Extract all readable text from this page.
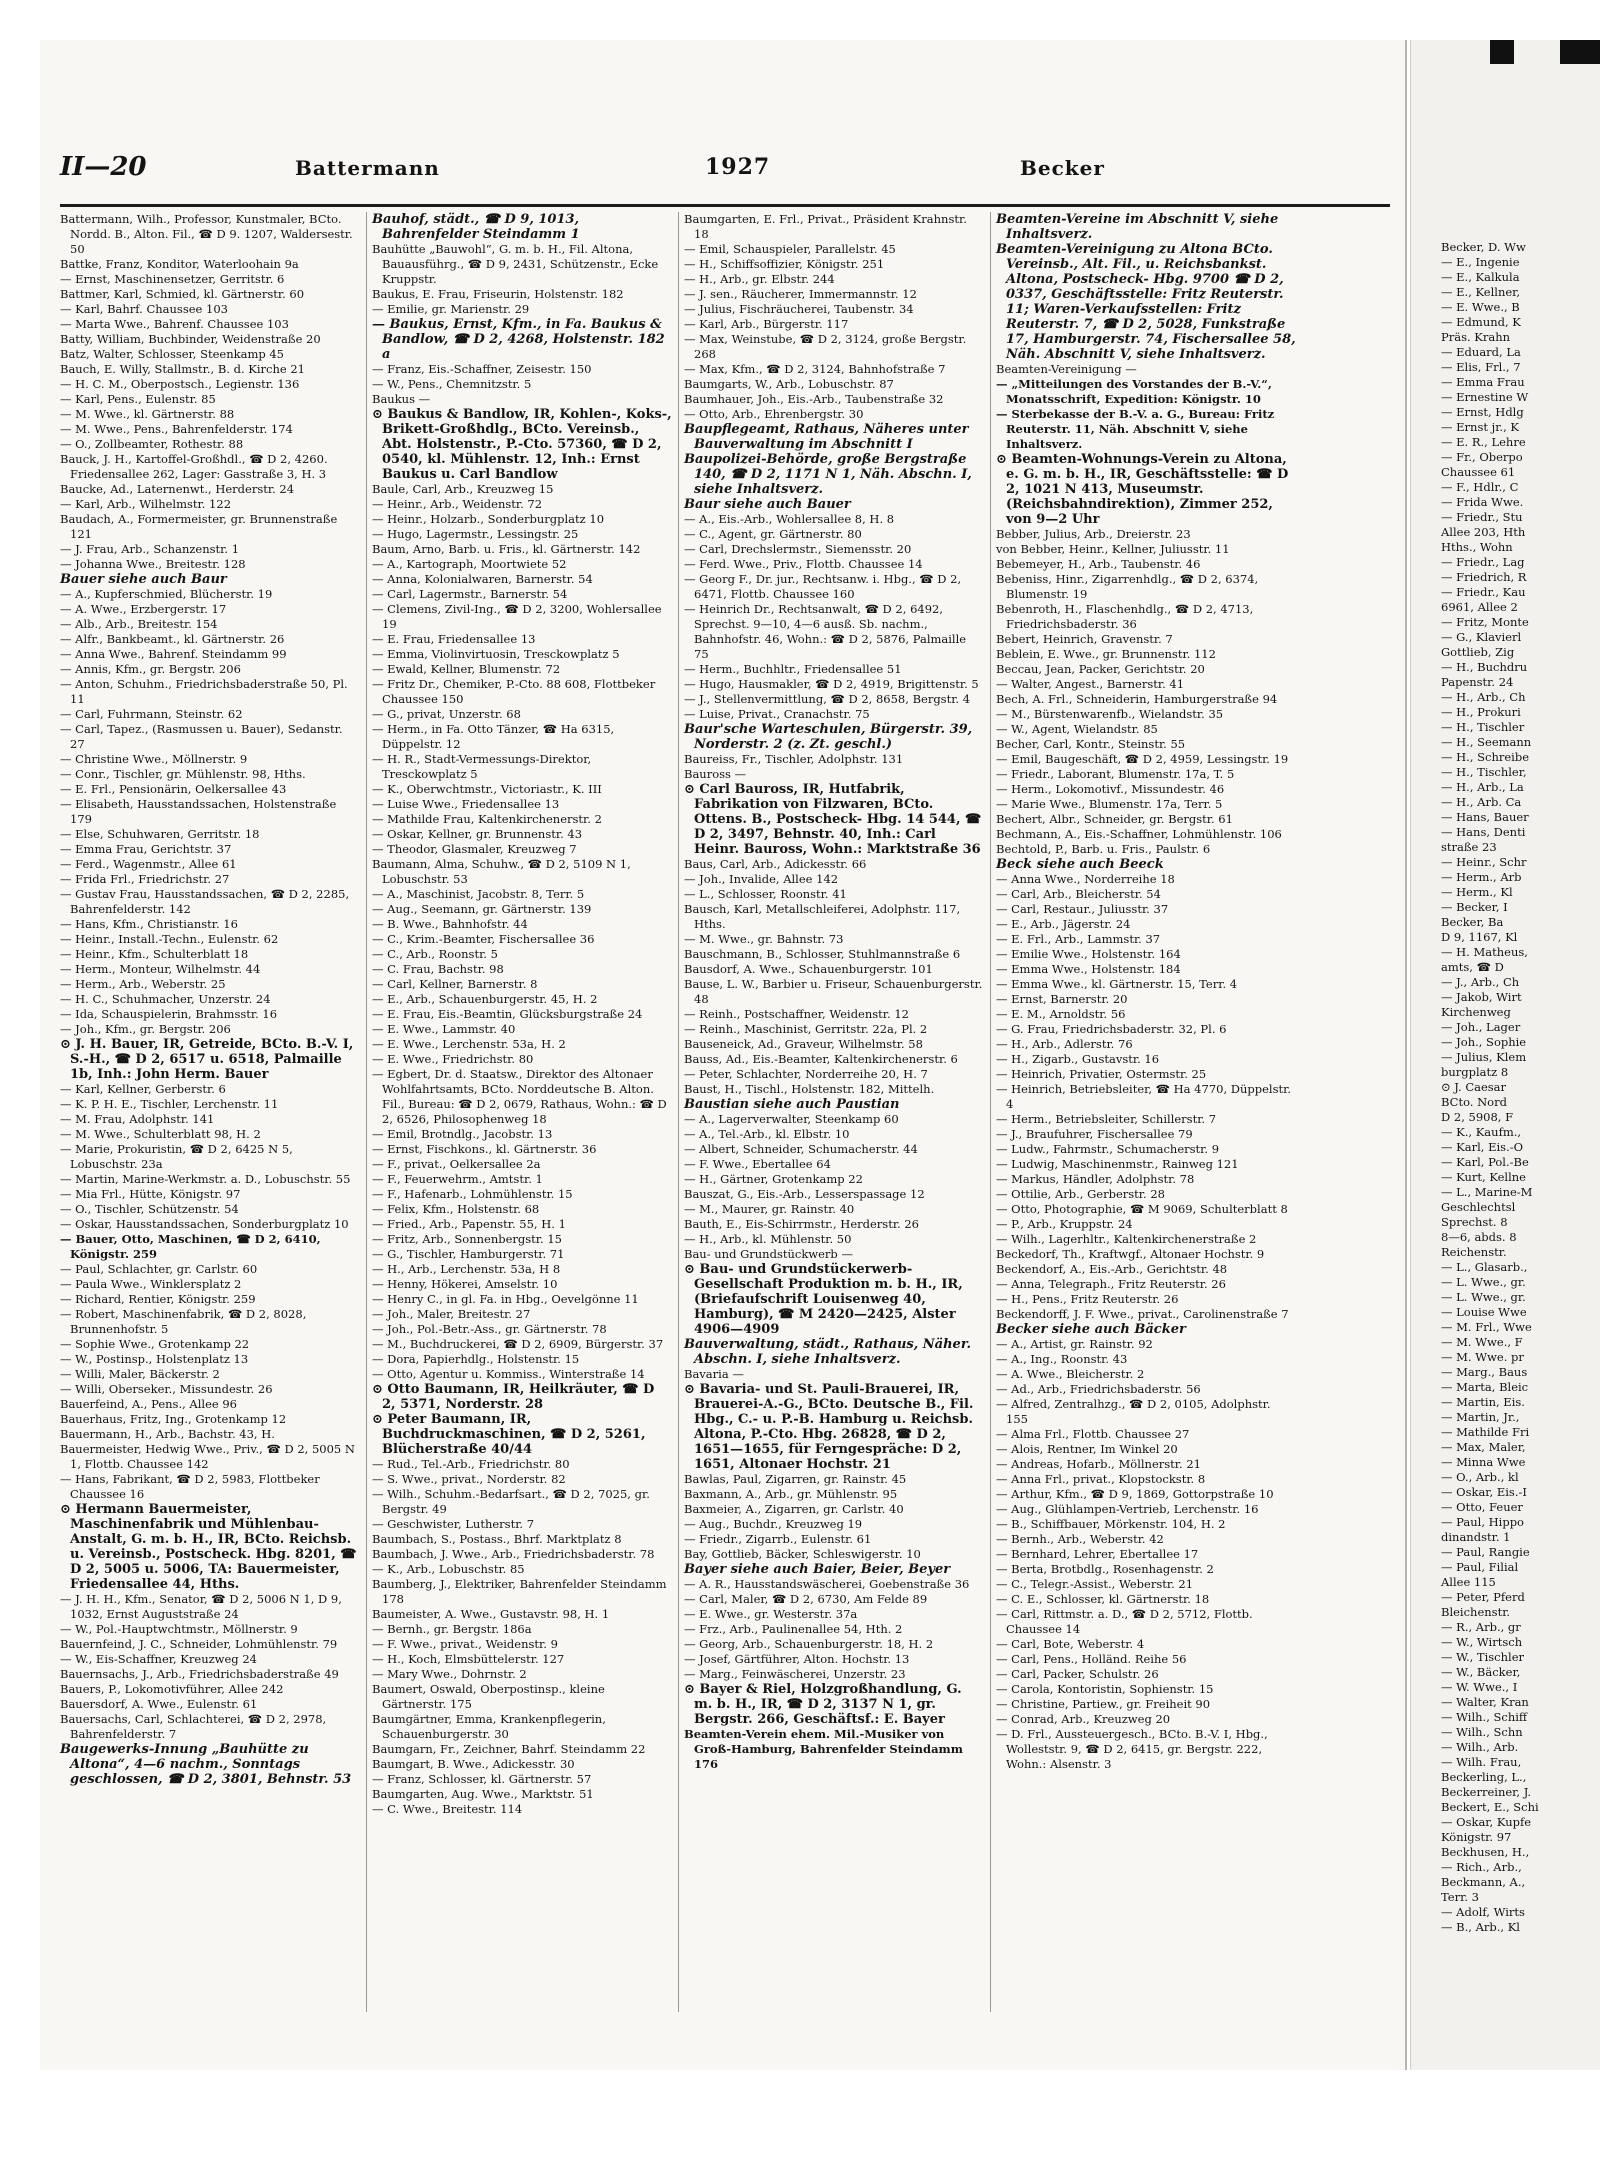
II—20	Battermann	1927	Becker

Battermann, Wilh., Professor, Kunstmaler, BCto. Nordd. B., Alton. Fil., ☎ D 9. 1207, Waldersestr. 50

Battke, Franz, Konditor, Waterloohain 9a

— Ernst, Maschinensetzer, Gerritstr. 6

Battmer, Karl, Schmied, kl. Gärtnerstr. 60

— Karl, Bahrf. Chaussee 103

— Marta Wwe., Bahrenf. Chaussee 103

Batty, William, Buchbinder, Weidenstraße 20

Batz, Walter, Schlosser, Steenkamp 45

Bauch, E. Willy, Stallmstr., B. d. Kirche 21

— H. C. M., Oberpostsch., Legienstr. 136

— Karl, Pens., Eulenstr. 85

— M. Wwe., kl. Gärtnerstr. 88

— M. Wwe., Pens., Bahrenfelderstr. 174

— O., Zollbeamter, Rothestr. 88

Bauck, J. H., Kartoffel-Großhdl., ☎ D 2, 4260. Friedensallee 262, Lager: Gasstraße 3, H. 3

Baucke, Ad., Laternenwt., Herderstr. 24

— Karl, Arb., Wilhelmstr. 122

Baudach, A., Formermeister, gr. Brunnenstraße 121

— J. Frau, Arb., Schanzenstr. 1

— Johanna Wwe., Breitestr. 128

Bauer siehe auch Baur

— A., Kupferschmied, Blücherstr. 19

— A. Wwe., Erzbergerstr. 17

— Alb., Arb., Breitestr. 154

— Alfr., Bankbeamt., kl. Gärtnerstr. 26

— Anna Wwe., Bahrenf. Steindamm 99

— Annis, Kfm., gr. Bergstr. 206

— Anton, Schuhm., Friedrichsbaderstraße 50, Pl. 11

— Carl, Fuhrmann, Steinstr. 62

— Carl, Tapez., (Rasmussen u. Bauer), Sedanstr. 27

— Christine Wwe., Möllnerstr. 9

— Conr., Tischler, gr. Mühlenstr. 98, Hths.

— E. Frl., Pensionärin, Oelkersallee 43

— Elisabeth, Hausstandssachen, Holstenstraße 179

— Else, Schuhwaren, Gerritstr. 18

— Emma Frau, Gerichtstr. 37

— Ferd., Wagenmstr., Allee 61

— Frida Frl., Friedrichstr. 27

— Gustav Frau, Hausstandssachen, ☎ D 2, 2285, Bahrenfelderstr. 142

— Hans, Kfm., Christianstr. 16

— Heinr., Install.-Techn., Eulenstr. 62

— Heinr., Kfm., Schulterblatt 18

— Herm., Monteur, Wilhelmstr. 44

— Herm., Arb., Weberstr. 25

— H. C., Schuhmacher, Unzerstr. 24

— Ida, Schauspielerin, Brahmsstr. 16

— Joh., Kfm., gr. Bergstr. 206

⊙ J. H. Bauer, IR, Getreide, BCto. B.-V. I, S.-H., ☎ D 2, 6517 u. 6518, Palmaille 1b, Inh.: John Herm. Bauer

— Karl, Kellner, Gerberstr. 6

— K. P. H. E., Tischler, Lerchenstr. 11

— M. Frau, Adolphstr. 141

— M. Wwe., Schulterblatt 98, H. 2

— Marie, Prokuristin, ☎ D 2, 6425 N 5, Lobuschstr. 23a

— Martin, Marine-Werkmstr. a. D., Lobuschstr. 55

— Mia Frl., Hütte, Königstr. 97

— O., Tischler, Schützenstr. 54

— Oskar, Hausstandssachen, Sonderburgplatz 10

— Bauer, Otto, Maschinen, ☎ D 2, 6410, Königstr. 259

— Paul, Schlachter, gr. Carlstr. 60

— Paula Wwe., Winklersplatz 2

— Richard, Rentier, Königstr. 259

— Robert, Maschinenfabrik, ☎ D 2, 8028, Brunnenhofstr. 5

— Sophie Wwe., Grotenkamp 22

— W., Postinsp., Holstenplatz 13

— Willi, Maler, Bäckerstr. 2

— Willi, Oberseker., Missundestr. 26

Bauerfeind, A., Pens., Allee 96

Bauerhaus, Fritz, Ing., Grotenkamp 12

Bauermann, H., Arb., Bachstr. 43, H.

Bauermeister, Hedwig Wwe., Priv., ☎ D 2, 5005 N 1, Flottb. Chaussee 142

— Hans, Fabrikant, ☎ D 2, 5983, Flottbeker Chaussee 16

⊙ Hermann Bauermeister, Maschinenfabrik und Mühlenbau-Anstalt, G. m. b. H., IR, BCto. Reichsb. u. Vereinsb., Postscheck. Hbg. 8201, ☎ D 2, 5005 u. 5006, TA: Bauermeister, Friedensallee 44, Hths.

— J. H. H., Kfm., Senator, ☎ D 2, 5006 N 1, D 9, 1032, Ernst Auguststraße 24

— W., Pol.-Hauptwchtmstr., Möllnerstr. 9

Bauernfeind, J. C., Schneider, Lohmühlenstr. 79

— W., Eis-Schaffner, Kreuzweg 24

Bauernsachs, J., Arb., Friedrichsbaderstraße 49

Bauers, P., Lokomotivführer, Allee 242

Bauersdorf, A. Wwe., Eulenstr. 61

Bauersachs, Carl, Schlachterei, ☎ D 2, 2978, Bahrenfelderstr. 7

Baugewerks-Innung „Bauhütte zu Altona“, 4—6 nachm., Sonntags geschlossen, ☎ D 2, 3801, Behnstr. 53

Bauhof, städt., ☎ D 9, 1013, Bahrenfelder Steindamm 1

Bauhütte „Bauwohl“, G. m. b. H., Fil. Altona, Bauausführg., ☎ D 9, 2431, Schützenstr., Ecke Kruppstr.

Baukus, E. Frau, Friseurin, Holstenstr. 182

— Emilie, gr. Marienstr. 29

— Baukus, Ernst, Kfm., in Fa. Baukus & Bandlow, ☎ D 2, 4268, Holstenstr. 182 a

— Franz, Eis.-Schaffner, Zeisestr. 150

— W., Pens., Chemnitzstr. 5

Baukus —

⊙ Baukus & Bandlow, IR, Kohlen-, Koks-, Brikett-Großhdlg., BCto. Vereinsb., Abt. Holstenstr., P.-Cto. 57360, ☎ D 2, 0540, kl. Mühlenstr. 12, Inh.: Ernst Baukus u. Carl Bandlow

Baule, Carl, Arb., Kreuzweg 15

— Heinr., Arb., Weidenstr. 72

— Heinr., Holzarb., Sonderburgplatz 10

— Hugo, Lagermstr., Lessingstr. 25

Baum, Arno, Barb. u. Fris., kl. Gärtnerstr. 142

— A., Kartograph, Moortwiete 52

— Anna, Kolonialwaren, Barnerstr. 54

— Carl, Lagermstr., Barnerstr. 54

— Clemens, Zivil-Ing., ☎ D 2, 3200, Wohlersallee 19

— E. Frau, Friedensallee 13

— Emma, Violinvirtuosin, Tresckowplatz 5

— Ewald, Kellner, Blumenstr. 72

— Fritz Dr., Chemiker, P.-Cto. 88 608, Flottbeker Chaussee 150

— G., privat, Unzerstr. 68

— Herm., in Fa. Otto Tänzer, ☎ Ha 6315, Düppelstr. 12

— H. R., Stadt-Vermessungs-Direktor, Tresckowplatz 5

— K., Oberwchtmstr., Victoriastr., K. III

— Luise Wwe., Friedensallee 13

— Mathilde Frau, Kaltenkirchenerstr. 2

— Oskar, Kellner, gr. Brunnenstr. 43

— Theodor, Glasmaler, Kreuzweg 7

Baumann, Alma, Schuhw., ☎ D 2, 5109 N 1, Lobuschstr. 53

— A., Maschinist, Jacobstr. 8, Terr. 5

— Aug., Seemann, gr. Gärtnerstr. 139

— B. Wwe., Bahnhofstr. 44

— C., Krim.-Beamter, Fischersallee 36

— C., Arb., Roonstr. 5

— C. Frau, Bachstr. 98

— Carl, Kellner, Barnerstr. 8

— E., Arb., Schauenburgerstr. 45, H. 2

— E. Frau, Eis.-Beamtin, Glücksburgstraße 24

— E. Wwe., Lammstr. 40

— E. Wwe., Lerchenstr. 53a, H. 2

— E. Wwe., Friedrichstr. 80

— Egbert, Dr. d. Staatsw., Direktor des Altonaer Wohlfahrtsamts, BCto. Norddeutsche B. Alton. Fil., Bureau: ☎ D 2, 0679, Rathaus, Wohn.: ☎ D 2, 6526, Philosophenweg 18

— Emil, Brotndlg., Jacobstr. 13

— Ernst, Fischkons., kl. Gärtnerstr. 36

— F., privat., Oelkersallee 2a

— F., Feuerwehrm., Amtstr. 1

— F., Hafenarb., Lohmühlenstr. 15

— Felix, Kfm., Holstenstr. 68

— Fried., Arb., Papenstr. 55, H. 1

— Fritz, Arb., Sonnenbergstr. 15

— G., Tischler, Hamburgerstr. 71

— H., Arb., Lerchenstr. 53a, H 8

— Henny, Hökerei, Amselstr. 10

— Henry C., in gl. Fa. in Hbg., Oevelgönne 11

— Joh., Maler, Breitestr. 27

— Joh., Pol.-Betr.-Ass., gr. Gärtnerstr. 78

— M., Buchdruckerei, ☎ D 2, 6909, Bürgerstr. 37

— Dora, Papierhdlg., Holstenstr. 15

— Otto, Agentur u. Kommiss., Winterstraße 14

⊙ Otto Baumann, IR, Heilkräuter, ☎ D 2, 5371, Norderstr. 28

⊙ Peter Baumann, IR, Buchdruckmaschinen, ☎ D 2, 5261, Blücherstraße 40/44

— Rud., Tel.-Arb., Friedrichstr. 80

— S. Wwe., privat., Norderstr. 82

— Wilh., Schuhm.-Bedarfsart., ☎ D 2, 7025, gr. Bergstr. 49

— Geschwister, Lutherstr. 7

Baumbach, S., Postass., Bhrf. Marktplatz 8

Baumbach, J. Wwe., Arb., Friedrichsbaderstr. 78

— K., Arb., Lobuschstr. 85

Baumberg, J., Elektriker, Bahrenfelder Steindamm 178

Baumeister, A. Wwe., Gustavstr. 98, H. 1

— Bernh., gr. Bergstr. 186a

— F. Wwe., privat., Weidenstr. 9

— H., Koch, Elmsbüttelerstr. 127

— Mary Wwe., Dohrnstr. 2

Baumert, Oswald, Oberpostinsp., kleine Gärtnerstr. 175

Baumgärtner, Emma, Krankenpflegerin, Schauenburgerstr. 30

Baumgarn, Fr., Zeichner, Bahrf. Steindamm 22

Baumgart, B. Wwe., Adickesstr. 30

— Franz, Schlosser, kl. Gärtnerstr. 57

Baumgarten, Aug. Wwe., Marktstr. 51

— C. Wwe., Breitestr. 114

Baumgarten, E. Frl., Privat., Präsident Krahnstr. 18

— Emil, Schauspieler, Parallelstr. 45

— H., Schiffsoffizier, Königstr. 251

— H., Arb., gr. Elbstr. 244

— J. sen., Räucherer, Immermannstr. 12

— Julius, Fischräucherei, Taubenstr. 34

— Karl, Arb., Bürgerstr. 117

— Max, Weinstube, ☎ D 2, 3124, große Bergstr. 268

— Max, Kfm., ☎ D 2, 3124, Bahnhofstraße 7

Baumgarts, W., Arb., Lobuschstr. 87

Baumhauer, Joh., Eis.-Arb., Taubenstraße 32

— Otto, Arb., Ehrenbergstr. 30

Baupflegeamt, Rathaus, Näheres unter Bauverwaltung im Abschnitt I

Baupolizei-Behörde, große Bergstraße 140, ☎ D 2, 1171 N 1, Näh. Abschn. I, siehe Inhaltsverz.

Baur siehe auch Bauer

— A., Eis.-Arb., Wohlersallee 8, H. 8

— C., Agent, gr. Gärtnerstr. 80

— Carl, Drechslermstr., Siemensstr. 20

— Ferd. Wwe., Priv., Flottb. Chaussee 14

— Georg F., Dr. jur., Rechtsanw. i. Hbg., ☎ D 2, 6471, Flottb. Chaussee 160

— Heinrich Dr., Rechtsanwalt, ☎ D 2, 6492, Sprechst. 9—10, 4—6 ausß. Sb. nachm., Bahnhofstr. 46, Wohn.: ☎ D 2, 5876, Palmaille 75

— Herm., Buchhltr., Friedensallee 51

— Hugo, Hausmakler, ☎ D 2, 4919, Brigittenstr. 5

— J., Stellenvermittlung, ☎ D 2, 8658, Bergstr. 4

— Luise, Privat., Cranachstr. 75

Baur'sche Warteschulen, Bürgerstr. 39, Norderstr. 2 (z. Zt. geschl.)

Baureiss, Fr., Tischler, Adolphstr. 131

Bauross —

⊙ Carl Bauross, IR, Hutfabrik, Fabrikation von Filzwaren, BCto. Ottens. B., Postscheck- Hbg. 14 544, ☎ D 2, 3497, Behnstr. 40, Inh.: Carl Heinr. Bauross, Wohn.: Marktstraße 36

Baus, Carl, Arb., Adickesstr. 66

— Joh., Invalide, Allee 142

— L., Schlosser, Roonstr. 41

Bausch, Karl, Metallschleiferei, Adolphstr. 117, Hths.

— M. Wwe., gr. Bahnstr. 73

Bauschmann, B., Schlosser, Stuhlmannstraße 6

Bausdorf, A. Wwe., Schauenburgerstr. 101

Bause, L. W., Barbier u. Friseur, Schauenburgerstr. 48

— Reinh., Postschaffner, Weidenstr. 12

— Reinh., Maschinist, Gerritstr. 22a, Pl. 2

Bauseneick, Ad., Graveur, Wilhelmstr. 58

Bauss, Ad., Eis.-Beamter, Kaltenkirchenerstr. 6

— Peter, Schlachter, Norderreihe 20, H. 7

Baust, H., Tischl., Holstenstr. 182, Mittelh.

Baustian siehe auch Paustian

— A., Lagerverwalter, Steenkamp 60

— A., Tel.-Arb., kl. Elbstr. 10

— Albert, Schneider, Schumacherstr. 44

— F. Wwe., Ebertallee 64

— H., Gärtner, Grotenkamp 22

Bauszat, G., Eis.-Arb., Lesserspassage 12

— M., Maurer, gr. Rainstr. 40

Bauth, E., Eis-Schirrmstr., Herderstr. 26

— H., Arb., kl. Mühlenstr. 50

Bau- und Grundstückwerb —

⊙ Bau- und Grundstückerwerb-Gesellschaft Produktion m. b. H., IR, (Briefaufschrift Louisenweg 40, Hamburg), ☎ M 2420—2425, Alster 4906—4909

Bauverwaltung, städt., Rathaus, Näher. Abschn. I, siehe Inhaltsverz.

Bavaria —

⊙ Bavaria- und St. Pauli-Brauerei, IR, Brauerei-A.-G., BCto. Deutsche B., Fil. Hbg., C.- u. P.-B. Hamburg u. Reichsb. Altona, P.-Cto. Hbg. 26828, ☎ D 2, 1651—1655, für Ferngespräche: D 2, 1651, Altonaer Hochstr. 21

Bawlas, Paul, Zigarren, gr. Rainstr. 45

Baxmann, A., Arb., gr. Mühlenstr. 95

Baxmeier, A., Zigarren, gr. Carlstr. 40

— Aug., Buchdr., Kreuzweg 19

— Friedr., Zigarrb., Eulenstr. 61

Bay, Gottlieb, Bäcker, Schleswigerstr. 10

Bayer siehe auch Baier, Beier, Beyer

— A. R., Hausstandswäscherei, Goebenstraße 36

— Carl, Maler, ☎ D 2, 6730, Am Felde 89

— E. Wwe., gr. Westerstr. 37a

— Frz., Arb., Paulinenallee 54, Hth. 2

— Georg, Arb., Schauenburgerstr. 18, H. 2

— Josef, Gärtführer, Alton. Hochstr. 13

— Marg., Feinwäscherei, Unzerstr. 23

⊙ Bayer & Riel, Holzgroßhandlung, G. m. b. H., IR, ☎ D 2, 3137 N 1, gr. Bergstr. 266, Geschäftsf.: E. Bayer

Beamten-Verein ehem. Mil.-Musiker von Groß-Hamburg, Bahrenfelder Steindamm 176

Beamten-Vereine im Abschnitt V, siehe Inhaltsverz.

Beamten-Vereinigung zu Altona BCto. Vereinsb., Alt. Fil., u. Reichsbankst. Altona, Postscheck- Hbg. 9700 ☎ D 2, 0337, Geschäftsstelle: Fritz Reuterstr. 11; Waren-Verkaufsstellen: Fritz Reuterstr. 7, ☎ D 2, 5028, Funkstraße 17, Hamburgerstr. 74, Fischersallee 58, Näh. Abschnitt V, siehe Inhaltsverz.

Beamten-Vereinigung —

— „Mitteilungen des Vorstandes der B.-V.“, Monatsschrift, Expedition: Königstr. 10

— Sterbekasse der B.-V. a. G., Bureau: Fritz Reuterstr. 11, Näh. Abschnitt V, siehe Inhaltsverz.

⊙ Beamten-Wohnungs-Verein zu Altona, e. G. m. b. H., IR, Geschäftsstelle: ☎ D 2, 1021 N 413, Museumstr. (Reichsbahndirektion), Zimmer 252, von 9—2 Uhr

Bebber, Julius, Arb., Dreierstr. 23

von Bebber, Heinr., Kellner, Juliusstr. 11

Bebemeyer, H., Arb., Taubenstr. 46

Bebeniss, Hinr., Zigarrenhdlg., ☎ D 2, 6374, Blumenstr. 19

Bebenroth, H., Flaschenhdlg., ☎ D 2, 4713, Friedrichsbaderstr. 36

Bebert, Heinrich, Gravenstr. 7

Beblein, E. Wwe., gr. Brunnenstr. 112

Beccau, Jean, Packer, Gerichtstr. 20

— Walter, Angest., Barnerstr. 41

Bech, A. Frl., Schneiderin, Hamburgerstraße 94

— M., Bürstenwarenfb., Wielandstr. 35

— W., Agent, Wielandstr. 85

Becher, Carl, Kontr., Steinstr. 55

— Emil, Baugeschäft, ☎ D 2, 4959, Lessingstr. 19

— Friedr., Laborant, Blumenstr. 17a, T. 5

— Herm., Lokomotivf., Missundestr. 46

— Marie Wwe., Blumenstr. 17a, Terr. 5

Bechert, Albr., Schneider, gr. Bergstr. 61

Bechmann, A., Eis.-Schaffner, Lohmühlenstr. 106

Bechtold, P., Barb. u. Fris., Paulstr. 6

Beck siehe auch Beeck

— Anna Wwe., Norderreihe 18

— Carl, Arb., Bleicherstr. 54

— Carl, Restaur., Juliusstr. 37

— E., Arb., Jägerstr. 24

— E. Frl., Arb., Lammstr. 37

— Emilie Wwe., Holstenstr. 164

— Emma Wwe., Holstenstr. 184

— Emma Wwe., kl. Gärtnerstr. 15, Terr. 4

— Ernst, Barnerstr. 20

— E. M., Arnoldstr. 56

— G. Frau, Friedrichsbaderstr. 32, Pl. 6

— H., Arb., Adlerstr. 76

— H., Zigarb., Gustavstr. 16

— Heinrich, Privatier, Ostermstr. 25

— Heinrich, Betriebsleiter, ☎ Ha 4770, Düppelstr. 4

— Herm., Betriebsleiter, Schillerstr. 7

— J., Braufuhrer, Fischersallee 79

— Ludw., Fahrmstr., Schumacherstr. 9

— Ludwig, Maschinenmstr., Rainweg 121

— Markus, Händler, Adolphstr. 78

— Ottilie, Arb., Gerberstr. 28

— Otto, Photographie, ☎ M 9069, Schulterblatt 8

— P., Arb., Kruppstr. 24

— Wilh., Lagerhltr., Kaltenkirchenerstraße 2

Beckedorf, Th., Kraftwgf., Altonaer Hochstr. 9

Beckendorf, A., Eis.-Arb., Gerichtstr. 48

— Anna, Telegraph., Fritz Reuterstr. 26

— H., Pens., Fritz Reuterstr. 26

Beckendorff, J. F. Wwe., privat., Carolinenstraße 7

Becker siehe auch Bäcker

— A., Artist, gr. Rainstr. 92

— A., Ing., Roonstr. 43

— A. Wwe., Bleicherstr. 2

— Ad., Arb., Friedrichsbaderstr. 56

— Alfred, Zentralhzg., ☎ D 2, 0105, Adolphstr. 155

— Alma Frl., Flottb. Chaussee 27

— Alois, Rentner, Im Winkel 20

— Andreas, Hofarb., Möllnerstr. 21

— Anna Frl., privat., Klopstockstr. 8

— Arthur, Kfm., ☎ D 9, 1869, Gottorpstraße 10

— Aug., Glühlampen-Vertrieb, Lerchenstr. 16

— B., Schiffbauer, Mörkenstr. 104, H. 2

— Bernh., Arb., Weberstr. 42

— Bernhard, Lehrer, Ebertallee 17

— Berta, Brotbdlg., Rosenhagenstr. 2

— C., Telegr.-Assist., Weberstr. 21

— C. E., Schlosser, kl. Gärtnerstr. 18

— Carl, Rittmstr. a. D., ☎ D 2, 5712, Flottb. Chaussee 14

— Carl, Bote, Weberstr. 4

— Carl, Pens., Holländ. Reihe 56

— Carl, Packer, Schulstr. 26

— Carola, Kontoristin, Sophienstr. 15

— Christine, Partiew., gr. Freiheit 90

— Conrad, Arb., Kreuzweg 20

— D. Frl., Aussteuergesch., BCto. B.-V. I, Hbg., Wolleststr. 9, ☎ D 2, 6415, gr. Bergstr. 222, Wohn.: Alsenstr. 3

Becker, D. Ww
— E., Ingenie
— E., Kalkula
— E., Kellner,
— E. Wwe., B
— Edmund, K
Präs. Krahn
— Eduard, La
— Elis, Frl., 7
— Emma Frau
— Ernestine W
— Ernst, Hdlg
— Ernst jr., K
— E. R., Lehre
— Fr., Oberpo
Chaussee 61
— F., Hdlr., C
— Frida Wwe.
— Friedr., Stu
Allee 203, Hth
Hths., Wohn
— Friedr., Lag
— Friedrich, R
— Friedr., Kau
6961, Allee 2
— Fritz, Monte
— G., Klavierl
Gottlieb, Zig
— H., Buchdru
Papenstr. 24
— H., Arb., Ch
— H., Prokuri
— H., Tischler
— H., Seemann
— H., Schreibe
— H., Tischler,
— H., Arb., La
— H., Arb. Ca
— Hans, Bauer
— Hans, Denti
straße 23
— Heinr., Schr
— Herm., Arb
— Herm., Kl
— Becker, I
Becker, Ba
D 9, 1167, Kl
— H. Matheus,
amts, ☎ D
— J., Arb., Ch
— Jakob, Wirt
Kirchenweg
— Joh., Lager
— Joh., Sophie
— Julius, Klem
burgplatz 8
⊙ J. Caesar
BCto. Nord
D 2, 5908, F
— K., Kaufm.,
— Karl, Eis.-O
— Karl, Pol.-Be
— Kurt, Kellne
— L., Marine-M
Geschlechtsl
Sprechst. 8
8—6, abds. 8
Reichenstr.
— L., Glasarb.,
— L. Wwe., gr.
— L. Wwe., gr.
— Louise Wwe
— M. Frl., Wwe
— M. Wwe., F
— M. Wwe. pr
— Marg., Baus
— Marta, Bleic
— Martin, Eis.
— Martin, Jr.,
— Mathilde Fri
— Max, Maler,
— Minna Wwe
— O., Arb., kl
— Oskar, Eis.-I
— Otto, Feuer
— Paul, Hippo
dinandstr. 1
— Paul, Rangie
— Paul, Filial
Allee 115
— Peter, Pferd
Bleichenstr.
— R., Arb., gr
— W., Wirtsch
— W., Tischler
— W., Bäcker,
— W. Wwe., I
— Walter, Kran
— Wilh., Schiff
— Wilh., Schn
— Wilh., Arb.
— Wilh. Frau,
Beckerling, L.,
Beckerreiner, J.
Beckert, E., Schi
— Oskar, Kupfe
Königstr. 97
Beckhusen, H.,
— Rich., Arb.,
Beckmann, A.,
Terr. 3
— Adolf, Wirts
— B., Arb., Kl
